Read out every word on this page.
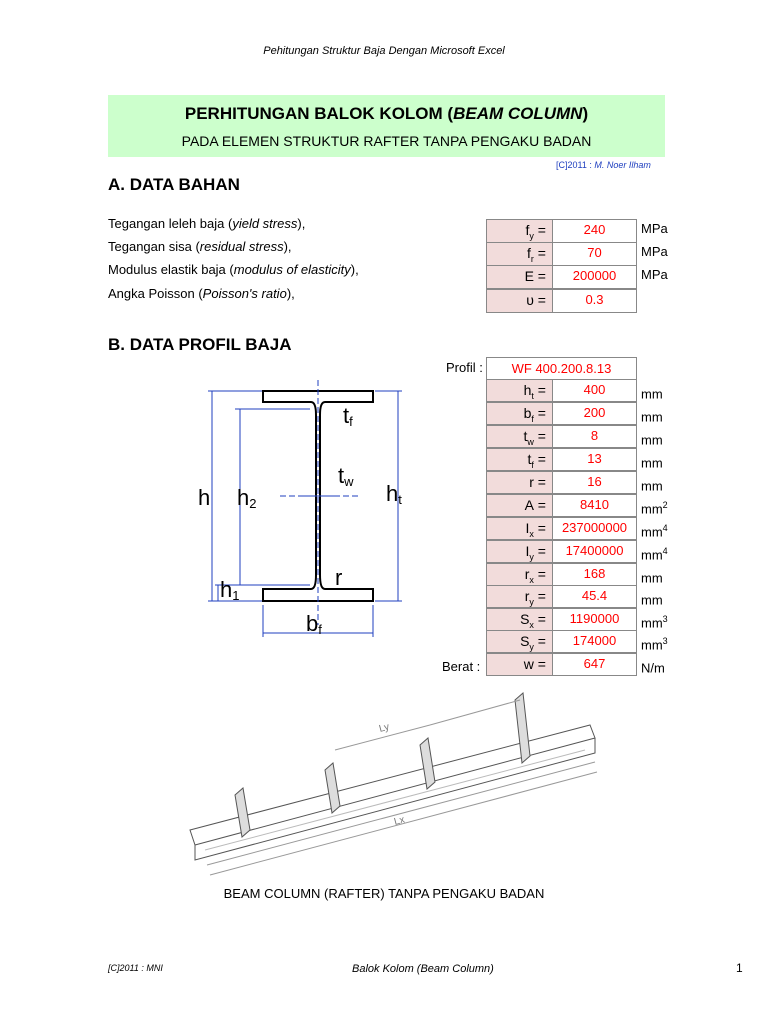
Pehitungan Struktur Baja Dengan Microsoft Excel
PERHITUNGAN BALOK KOLOM (BEAM COLUMN)
PADA ELEMEN STRUKTUR RAFTER TANPA PENGAKU BADAN
[C]2011 : M. Noer Ilham
A. DATA BAHAN
Tegangan leleh baja (yield stress),	$f_y$ =	240	MPa
Tegangan sisa (residual stress),	$f_r$ =	70	MPa
Modulus elastik baja (modulus of elasticity),	E =	200000	MPa
Angka Poisson (Poisson's ratio),	υ =	0.3
B. DATA PROFIL BAJA
Profil :	WF 400.200.8.13
Berat :
$h_t$ =	400	mm
$b_f$ =	200	mm
$t_w$ =	8	mm
$t_f$ =	13	mm
r =	16	mm
A =	8410	$mm^2$
$I_x$ =	237000000	$mm^4$
$I_y$ =	17400000	$mm^4$
$r_x$ =	168	mm
$r_y$ =	45.4	mm
$S_x$ =	1190000	$mm^3$
$S_y$ =	174000	$mm^3$
w =	647	N/m
h h2
h1
ht
tf
tw
r
bf
Ly
Lx
BEAM COLUMN (RAFTER) TANPA PENGAKU BADAN
[C]2011 : MNI	Balok Kolom (Beam Column)	1
